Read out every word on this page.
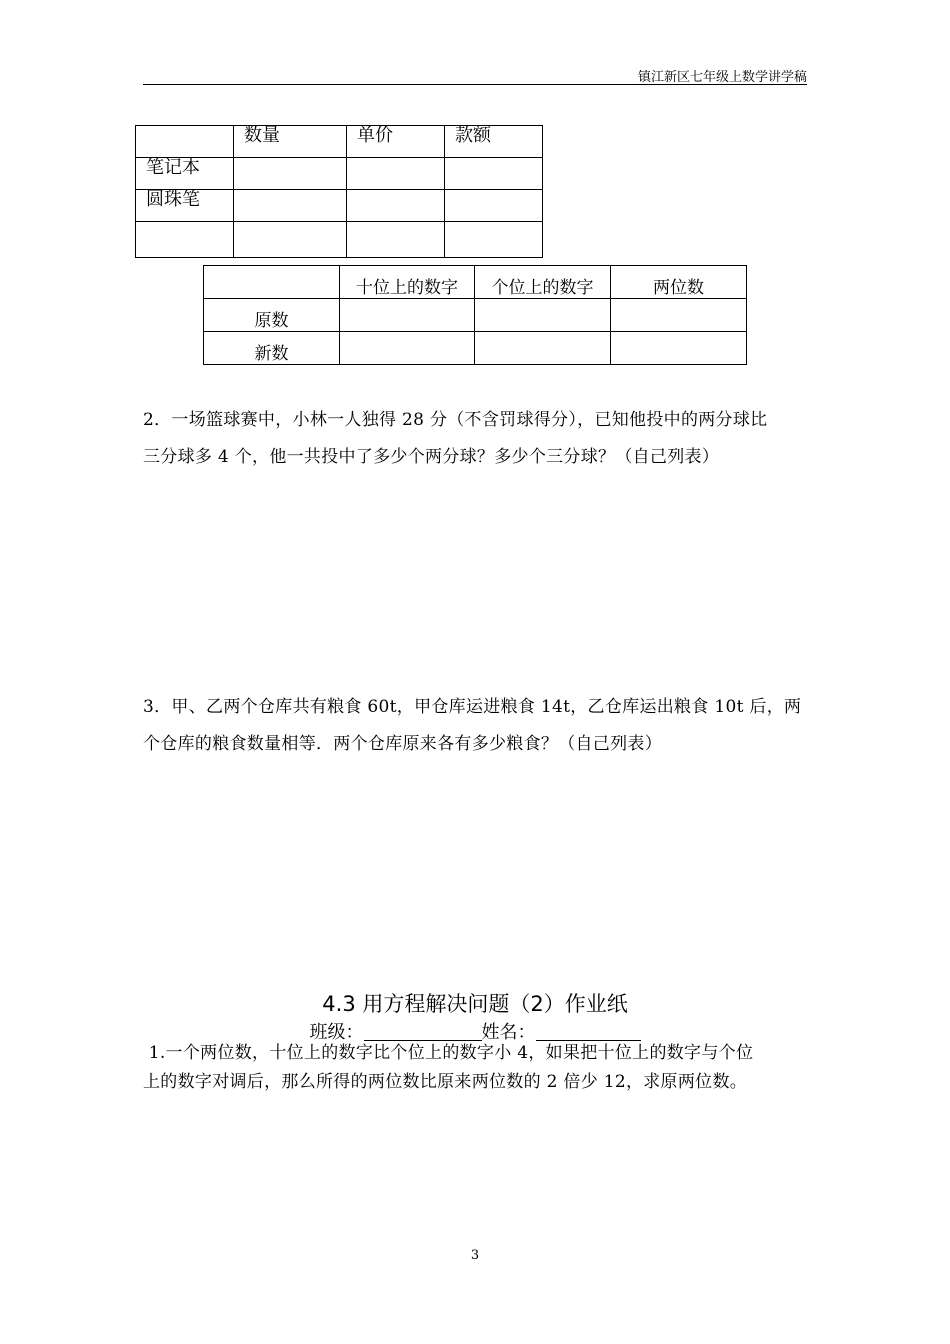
镇江新区七年级上数学讲学稿
	数量	单价	款额
笔记本			
圆珠笔			

	十位上的数字	个位上的数字	两位数
原数			
新数			
2．一场篮球赛中，小林一人独得 28 分（不含罚球得分），已知他投中的两分球比
三分球多 4 个，他一共投中了多少个两分球？多少个三分球？（自己列表）
3．甲、乙两个仓库共有粮食 60t，甲仓库运进粮食 14t，乙仓库运出粮食 10t 后，两
个仓库的粮食数量相等．两个仓库原来各有多少粮食？（自己列表）
4.3 用方程解决问题（2）作业纸
班级：	姓名：
1.一个两位数，十位上的数字比个位上的数字小 4，如果把十位上的数字与个位
上的数字对调后，那么所得的两位数比原来两位数的 2 倍少 12，求原两位数。
3
